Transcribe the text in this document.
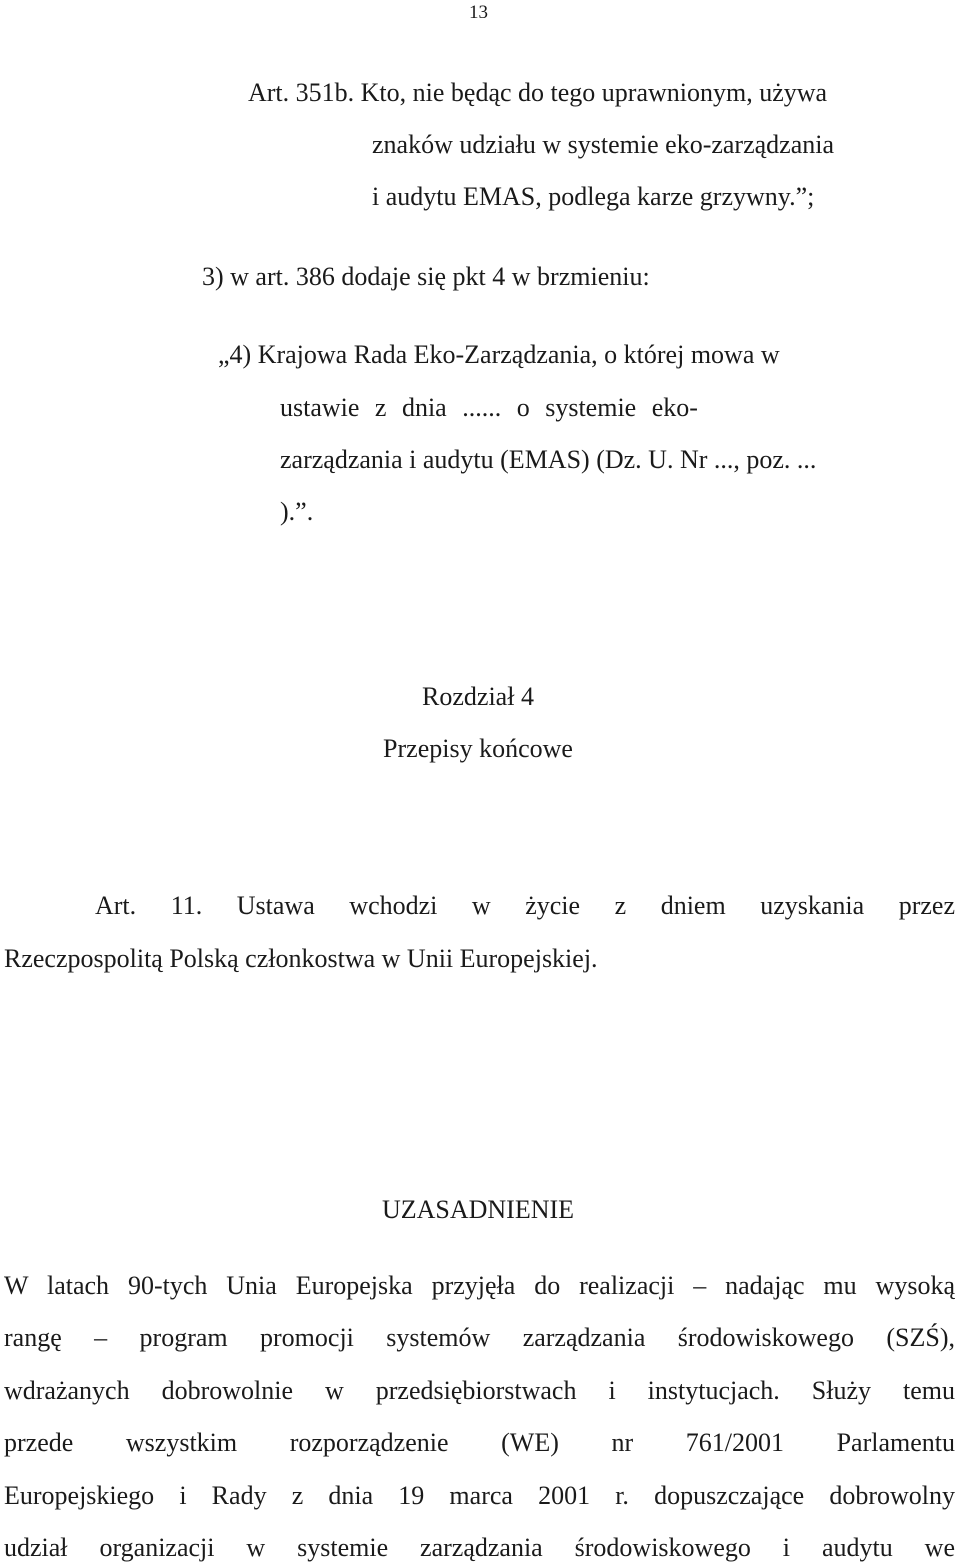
13

Art. 351b. Kto, nie będąc do tego uprawnionym, używa

znaków udziału w systemie eko-zarządzania

i audytu EMAS, podlega karze grzywny.”;

3) w art. 386 dodaje się pkt 4 w brzmieniu:

„4) Krajowa Rada Eko-Zarządzania, o której mowa w

ustawie z dnia ...... o systemie eko-

zarządzania i audytu (EMAS) (Dz. U. Nr ..., poz. ...

).”.

Rozdział 4
Przepisy końcowe

Art. 11. Ustawa wchodzi w życie z dniem uzyskania przez

Rzeczpospolitą Polską członkostwa w Unii Europejskiej.

UZASADNIENIE

W latach 90-tych Unia Europejska przyjęła do realizacji – nadając mu wysoką

rangę – program promocji systemów zarządzania środowiskowego (SZŚ),

wdrażanych dobrowolnie w przedsiębiorstwach i instytucjach. Służy temu

przede wszystkim rozporządzenie (WE) nr 761/2001 Parlamentu

Europejskiego i Rady z dnia 19 marca 2001 r. dopuszczające dobrowolny

udział organizacji w systemie zarządzania środowiskowego i audytu we
